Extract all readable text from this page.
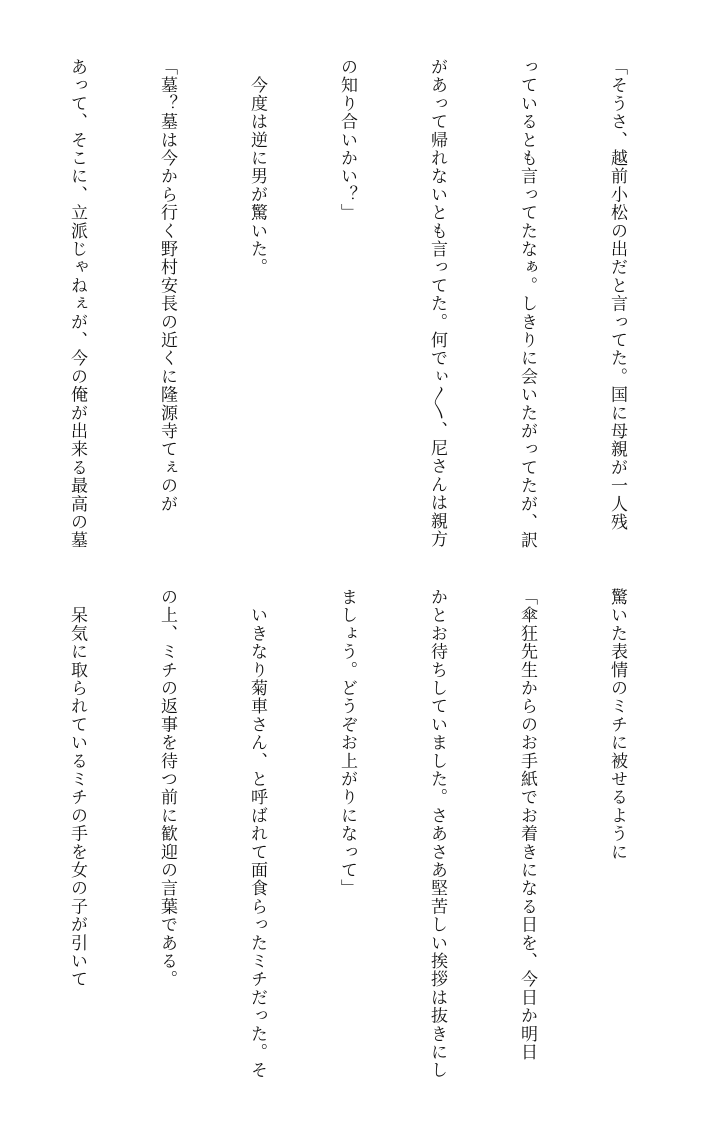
「そうさ、越前小松の出だと言ってた。国に母親が一人残

っているとも言ってたなぁ。しきりに会いたがってたが、訳

があって帰れないとも言ってた。何でぃ〳〵、尼さんは親方

の知り合いかい？」

　今度は逆に男が驚いた。

「墓？墓は今から行く野村安長の近くに隆源寺てぇのが

あって、そこに、立派じゃねぇが、今の俺が出来る最高の墓

驚いた表情のミチに被せるように

「傘狂先生からのお手紙でお着きになる日を、今日か明日

かとお待ちしていました。さあさあ堅苦しい挨拶は抜きにし

ましょう。どうぞお上がりになって」

　いきなり菊車さん、と呼ばれて面食らったミチだった。そ

の上、ミチの返事を待つ前に歓迎の言葉である。

　呆気に取られているミチの手を女の子が引いて
